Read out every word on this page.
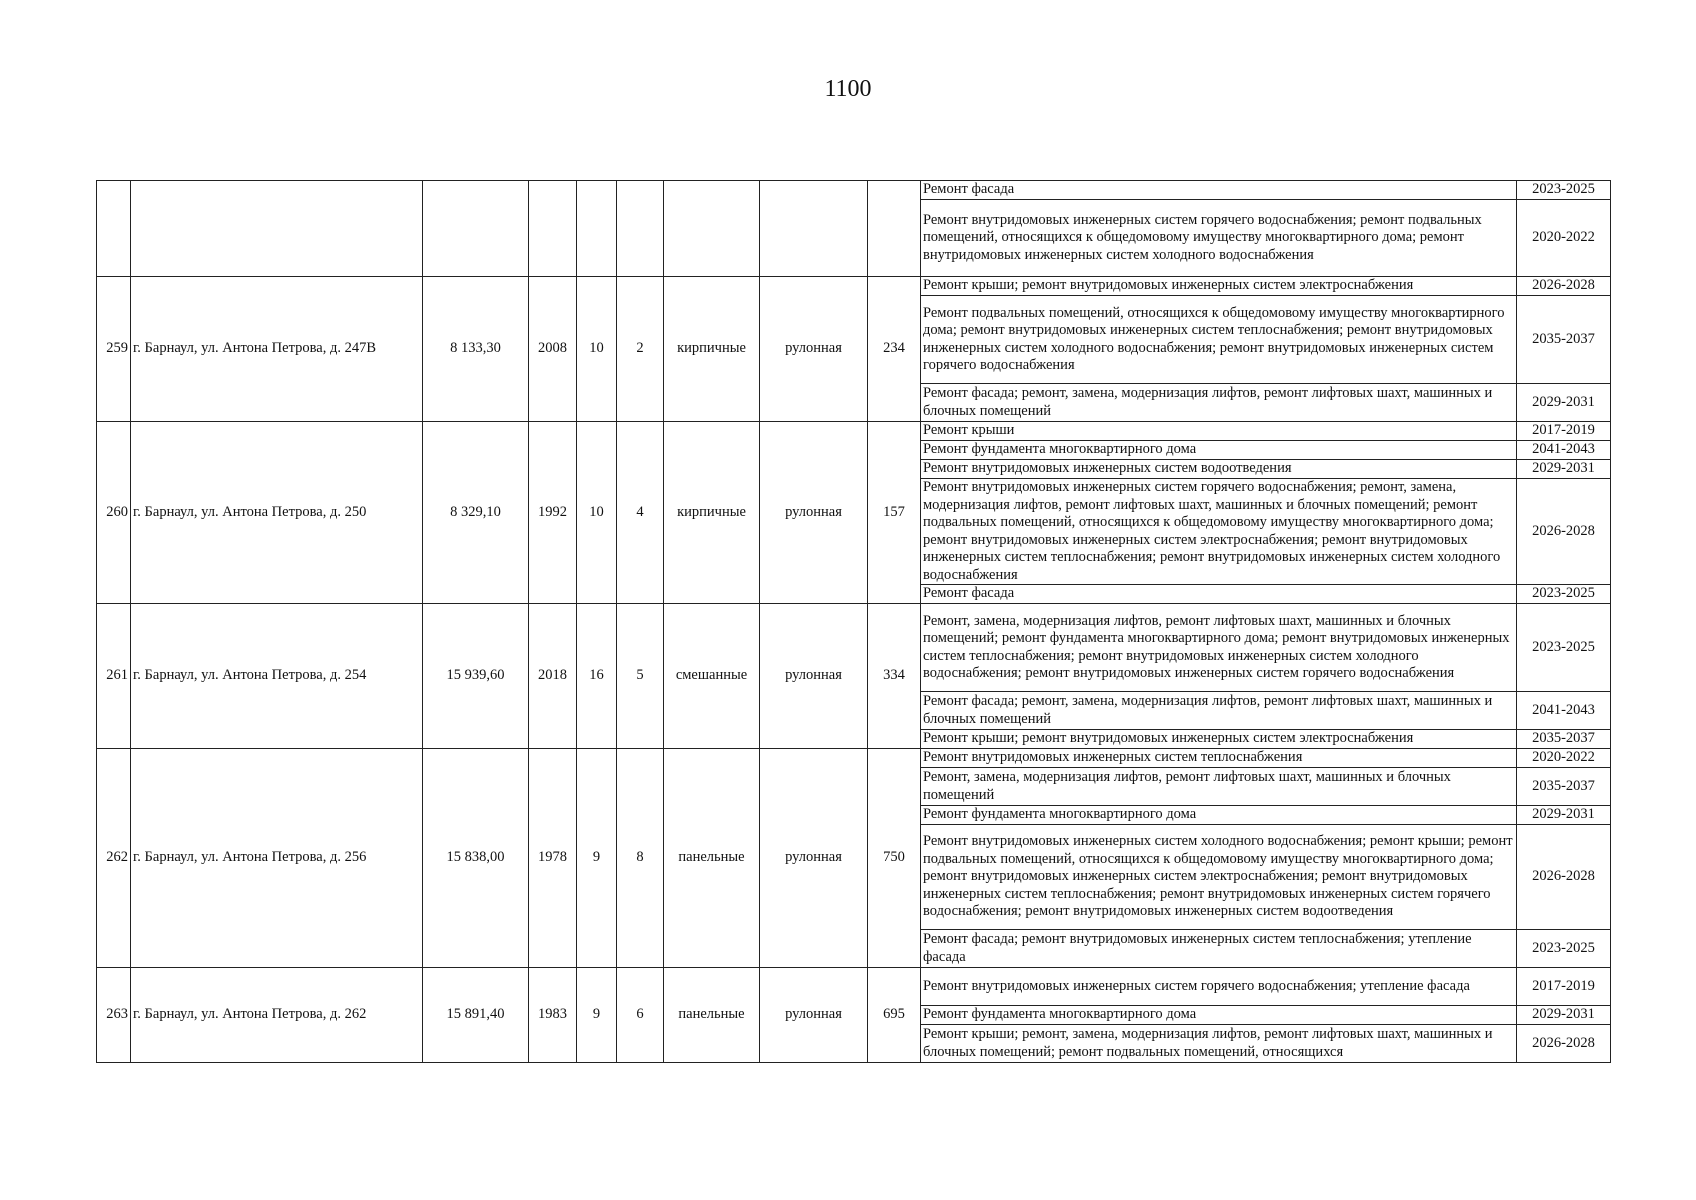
1100
									Ремонт фасада	2023-2025
									Ремонт внутридомовых инженерных систем горячего водоснабжения; ремонт подвальных помещений, относящихся к общедомовому имуществу многоквартирного дома; ремонт внутридомовых инженерных систем холодного водоснабжения	2020-2022
259	г. Барнаул, ул. Антона Петрова, д. 247В	8 133,30	2008	10	2	кирпичные	рулонная	234	Ремонт крыши; ремонт внутридомовых инженерных систем электроснабжения	2026-2028
									Ремонт подвальных помещений, относящихся к общедомовому имуществу многоквартирного дома; ремонт внутридомовых инженерных систем теплоснабжения; ремонт внутридомовых инженерных систем холодного водоснабжения; ремонт внутридомовых инженерных систем горячего водоснабжения	2035-2037
									Ремонт фасада; ремонт, замена, модернизация лифтов, ремонт лифтовых шахт, машинных и блочных помещений	2029-2031
260	г. Барнаул, ул. Антона Петрова, д. 250	8 329,10	1992	10	4	кирпичные	рулонная	157	Ремонт крыши	2017-2019
									Ремонт фундамента многоквартирного дома	2041-2043
									Ремонт внутридомовых инженерных систем водоотведения	2029-2031
									Ремонт внутридомовых инженерных систем горячего водоснабжения; ремонт, замена, модернизация лифтов, ремонт лифтовых шахт, машинных и блочных помещений; ремонт подвальных помещений, относящихся к общедомовому имуществу многоквартирного дома; ремонт внутридомовых инженерных систем электроснабжения; ремонт внутридомовых инженерных систем теплоснабжения; ремонт внутридомовых инженерных систем холодного водоснабжения	2026-2028
									Ремонт фасада	2023-2025
261	г. Барнаул, ул. Антона Петрова, д. 254	15 939,60	2018	16	5	смешанные	рулонная	334	Ремонт, замена, модернизация лифтов, ремонт лифтовых шахт, машинных и блочных помещений; ремонт фундамента многоквартирного дома; ремонт внутридомовых инженерных систем теплоснабжения; ремонт внутридомовых инженерных систем холодного водоснабжения; ремонт внутридомовых инженерных систем горячего водоснабжения	2023-2025
									Ремонт фасада; ремонт, замена, модернизация лифтов, ремонт лифтовых шахт, машинных и блочных помещений	2041-2043
									Ремонт крыши; ремонт внутридомовых инженерных систем электроснабжения	2035-2037
262	г. Барнаул, ул. Антона Петрова, д. 256	15 838,00	1978	9	8	панельные	рулонная	750	Ремонт внутридомовых инженерных систем теплоснабжения	2020-2022
									Ремонт, замена, модернизация лифтов, ремонт лифтовых шахт, машинных и блочных помещений	2035-2037
									Ремонт фундамента многоквартирного дома	2029-2031
									Ремонт внутридомовых инженерных систем холодного водоснабжения; ремонт крыши; ремонт подвальных помещений, относящихся к общедомовому имуществу многоквартирного дома; ремонт внутридомовых инженерных систем электроснабжения; ремонт внутридомовых инженерных систем теплоснабжения; ремонт внутридомовых инженерных систем горячего водоснабжения; ремонт внутридомовых инженерных систем водоотведения	2026-2028
									Ремонт фасада; ремонт внутридомовых инженерных систем теплоснабжения; утепление фасада	2023-2025
263	г. Барнаул, ул. Антона Петрова, д. 262	15 891,40	1983	9	6	панельные	рулонная	695	Ремонт внутридомовых инженерных систем горячего водоснабжения; утепление фасада	2017-2019
									Ремонт фундамента многоквартирного дома	2029-2031
									Ремонт крыши; ремонт, замена, модернизация лифтов, ремонт лифтовых шахт, машинных и блочных помещений; ремонт подвальных помещений, относящихся	2026-2028
